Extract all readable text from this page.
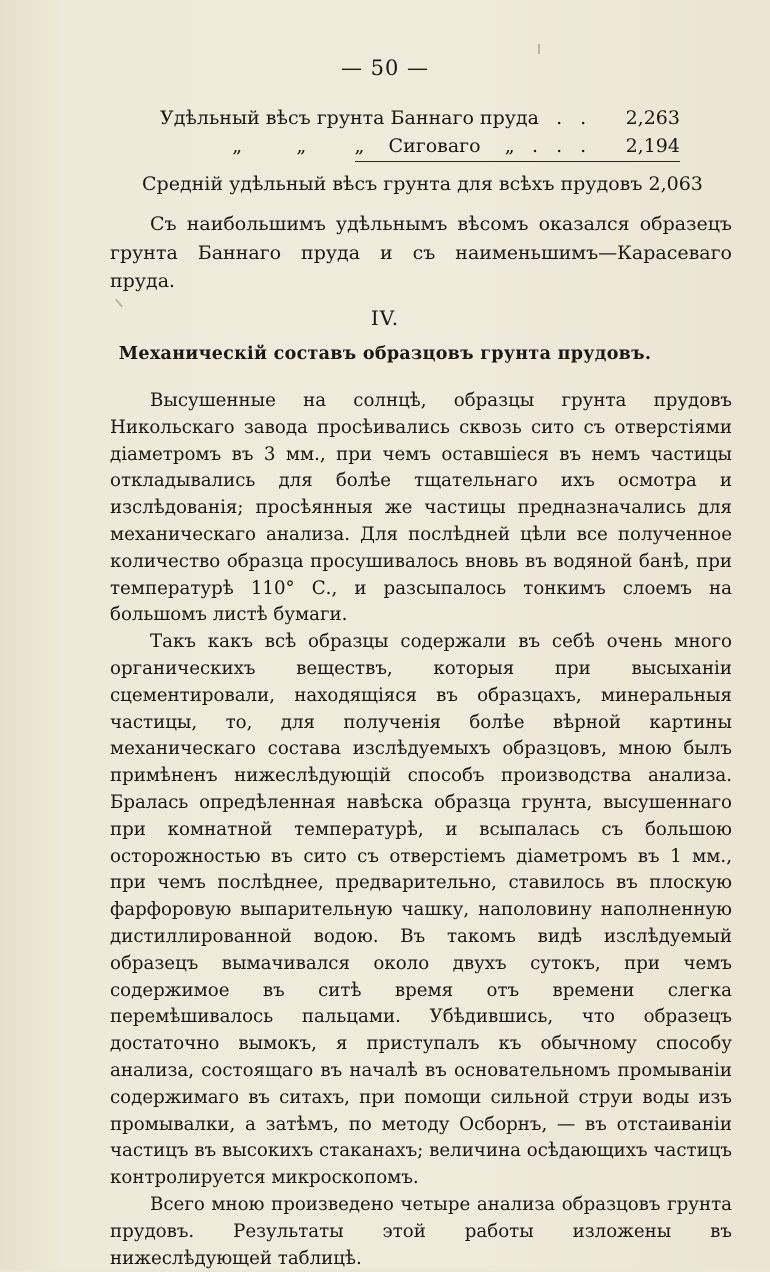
— 50 —
Удѣльный вѣсъ грунта Баннаго пруда
. . . 2,263
„         „        „    Сиговаго    „ . . . 2,194
Среднiй удѣльный вѣсъ грунта для всѣхъ прудовъ 2,063

Съ наибольшимъ удѣльнымъ вѣсомъ оказался образецъ грунта Баннаго пруда и съ наименьшимъ—Карасеваго пруда.

IV.
Механическiй составъ образцовъ грунта прудовъ.

Высушенные на солнцѣ, образцы грунта прудовъ Никольскаго завода просѣивались сквозь сито съ отверстiями дiаметромъ въ 3 мм., при чемъ оставшiеся въ немъ частицы откладывались для болѣе тщательнаго ихъ осмотра и изслѣдованiя; просѣянныя же частицы предназначались для механическаго анализа. Для послѣдней цѣли все полученное количество образца просушивалось вновь въ водяной банѣ, при температурѣ 110° С., и разсыпалось тонкимъ слоемъ на большомъ листѣ бумаги.

Такъ какъ всѣ образцы содержали въ себѣ очень много органическихъ веществъ, которыя при высыханiи сцементировали, находящiяся въ образцахъ, минеральныя частицы, то, для полученiя болѣе вѣрной картины механическаго состава изслѣдуемыхъ образцовъ, мною былъ примѣненъ нижеслѣдующiй способъ производства анализа. Бралась опредѣленная навѣска образца грунта, высушеннаго при комнатной температурѣ, и всыпалась съ большою осторожностью въ сито съ отверстiемъ дiаметромъ въ 1 мм., при чемъ послѣднее, предварительно, ставилось въ плоскую фарфоровую выпарительную чашку, наполовину наполненную дистиллированной водою. Въ такомъ видѣ изслѣдуемый образецъ вымачивался около двухъ сутокъ, при чемъ содержимое въ ситѣ время отъ времени слегка перемѣшивалось пальцами. Убѣдившись, что образецъ достаточно вымокъ, я приступалъ къ обычному способу анализа, состоящаго въ началѣ въ основательномъ промыванiи содержимаго въ ситахъ, при помощи сильной струи воды изъ промывалки, а затѣмъ, по методу Осборнъ, — въ отстаиванiи частицъ въ высокихъ стаканахъ; величина осѣдающихъ частицъ контролируется микроскопомъ.

Всего мною произведено четыре анализа образцовъ грунта прудовъ. Результаты этой работы изложены въ нижеслѣдующей таблицѣ.
